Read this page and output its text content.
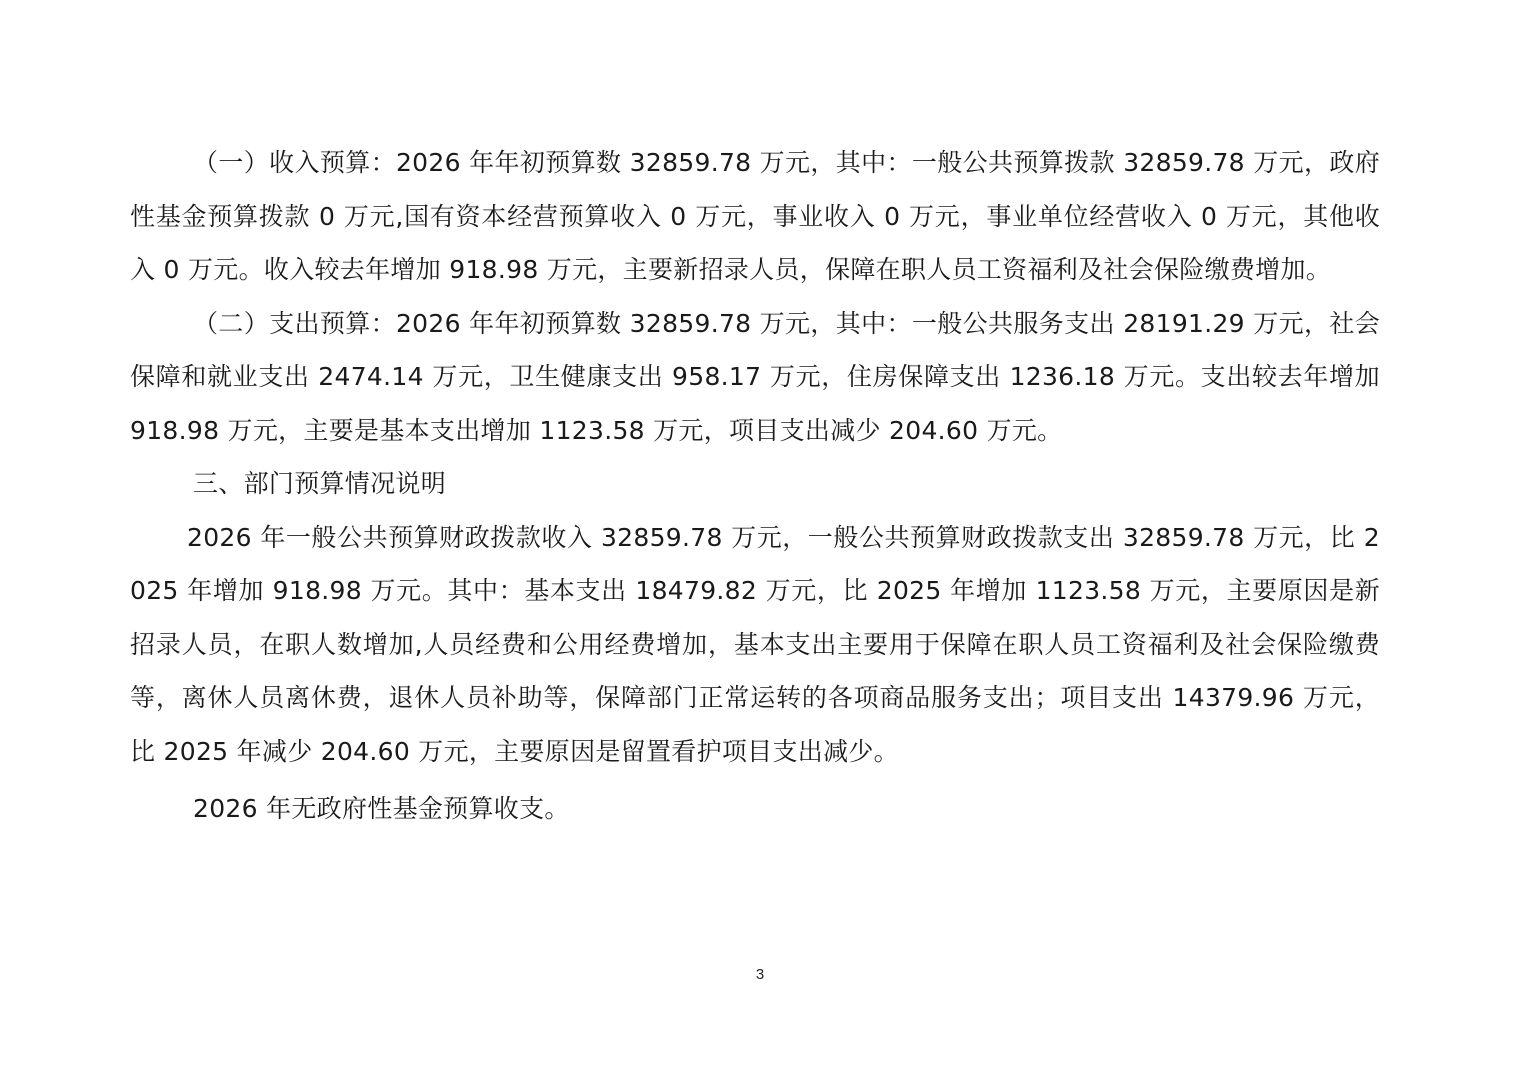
（一）收入预算：2026 年年初预算数 32859.78 万元，其中：一般公共预算拨款 32859.78 万元，政府性基金预算拨款 0 万元,国有资本经营预算收入 0 万元，事业收入 0 万元，事业单位经营收入 0 万元，其他收入 0 万元。收入较去年增加 918.98 万元，主要新招录人员，保障在职人员工资福利及社会保险缴费增加。

（二）支出预算：2026 年年初预算数 32859.78 万元，其中：一般公共服务支出 28191.29 万元，社会保障和就业支出 2474.14 万元，卫生健康支出 958.17 万元，住房保障支出 1236.18 万元。支出较去年增加 918.98 万元，主要是基本支出增加 1123.58 万元，项目支出减少 204.60 万元。

三、部门预算情况说明

2026 年一般公共预算财政拨款收入 32859.78 万元，一般公共预算财政拨款支出 32859.78 万元，比 2025 年增加 918.98 万元。其中：基本支出 18479.82 万元，比 2025 年增加 1123.58 万元，主要原因是新招录人员，在职人数增加,人员经费和公用经费增加，基本支出主要用于保障在职人员工资福利及社会保险缴费等，离休人员离休费，退休人员补助等，保障部门正常运转的各项商品服务支出；项目支出 14379.96 万元，比 2025 年减少 204.60 万元，主要原因是留置看护项目支出减少。

2026 年无政府性基金预算收支。

3
